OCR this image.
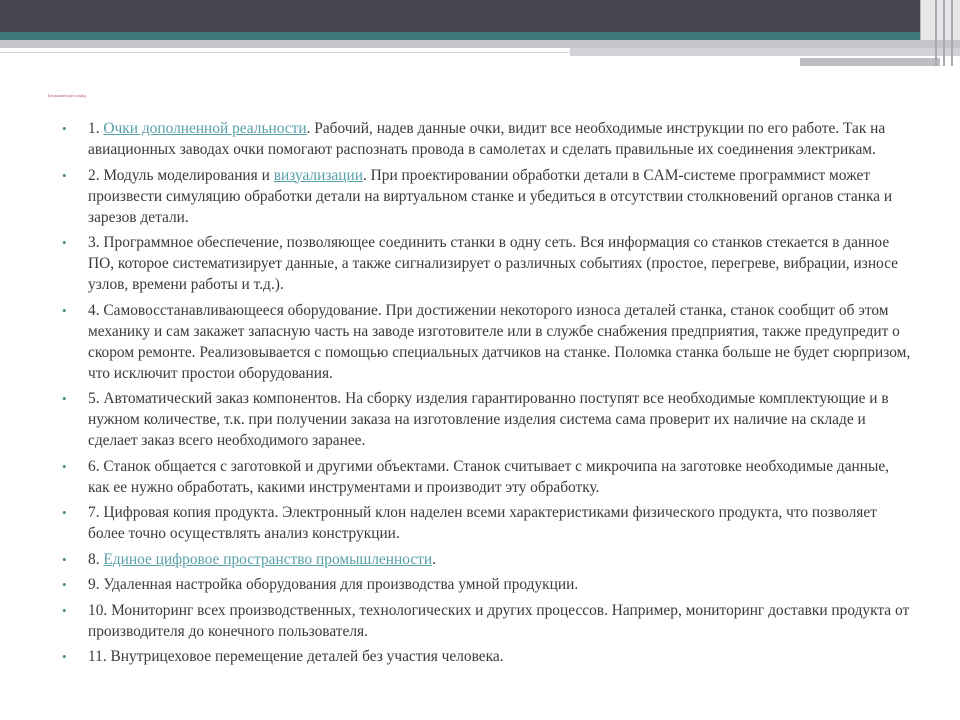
Безымянный слайд
• 1. Очки дополненной реальности. Рабочий, надев данные очки, видит все необходимые инструкции по его работе. Так на авиационных заводах очки помогают распознать провода в самолетах и сделать правильные их соединения электрикам.
• 2. Модуль моделирования и визуализации. При проектировании обработки детали в CAM-системе программист может произвести симуляцию обработки детали на виртуальном станке и убедиться в отсутствии столкновений органов станка и зарезов детали.
• 3. Программное обеспечение, позволяющее соединить станки в одну сеть. Вся информация со станков стекается в данное ПО, которое систематизирует данные, а также сигнализирует о различных событиях (простое, перегреве, вибрации, износе узлов, времени работы и т.д.).
• 4. Самовосстанавливающееся оборудование. При достижении некоторого износа деталей станка, станок сообщит об этом механику и сам закажет запасную часть на заводе изготовителе или в службе снабжения предприятия, также предупредит о скором ремонте. Реализовывается с помощью специальных датчиков на станке. Поломка станка больше не будет сюрпризом, что исключит простои оборудования.
• 5. Автоматический заказ компонентов. На сборку изделия гарантированно поступят все необходимые комплектующие и в нужном количестве, т.к. при получении заказа на изготовление изделия система сама проверит их наличие на складе и сделает заказ всего необходимого заранее.
• 6. Станок общается с заготовкой и другими объектами. Станок считывает с микрочипа на заготовке необходимые данные, как ее нужно обработать, какими инструментами и производит эту обработку.
• 7. Цифровая копия продукта. Электронный клон наделен всеми характеристиками физического продукта, что позволяет более точно осуществлять анализ конструкции.
• 8. Единое цифровое пространство промышленности.
• 9. Удаленная настройка оборудования для производства умной продукции.
• 10. Мониторинг всех производственных, технологических и других процессов. Например, мониторинг доставки продукта от производителя до конечного пользователя.
• 11. Внутрицеховое перемещение деталей без участия человека.
